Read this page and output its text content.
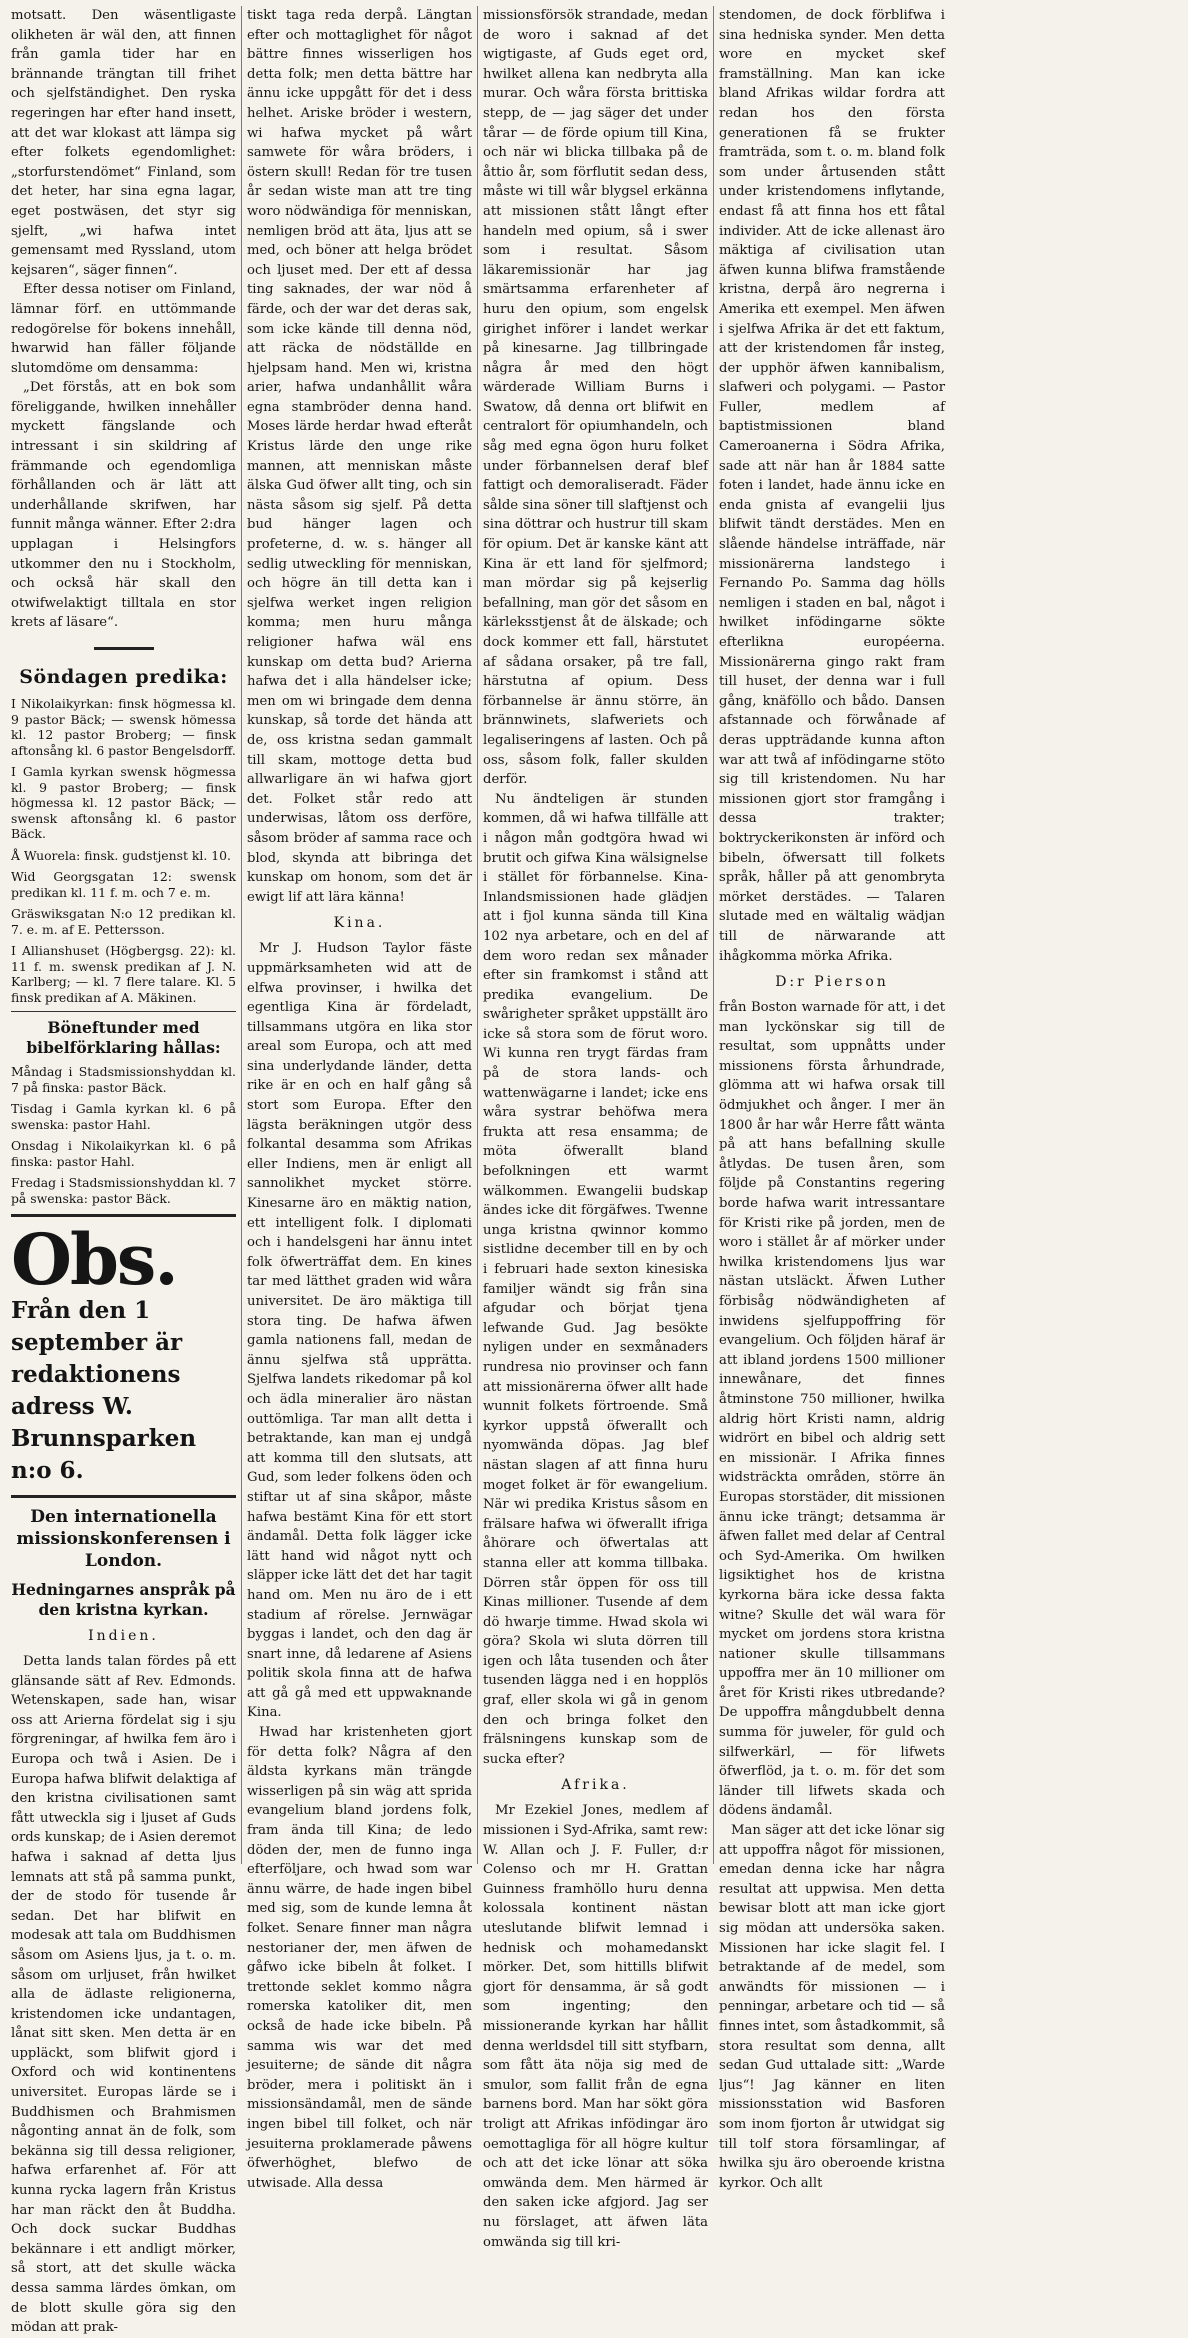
motsatt. Den wäsentligaste olikheten är wäl den, att finnen från gamla tider har en brännande trängtan till frihet och sjelfständighet. Den ryska regeringen har efter hand insett, att det war klokast att lämpa sig efter folkets egendomlighet: „storfurstendömet“ Finland, som det heter, har sina egna lagar, eget postwäsen, det styr sig sjelft, „wi hafwa intet gemensamt med Ryssland, utom kejsaren“, säger finnen“.

Efter dessa notiser om Finland, lämnar förf. en uttömmande redogörelse för bokens innehåll, hwarwid han fäller följande slutomdöme om densamma:

„Det förstås, att en bok som föreliggande, hwilken innehåller myckett fängslande och intressant i sin skildring af främmande och egendomliga förhållanden och är lätt att underhållande skrifwen, har funnit många wänner. Efter 2:dra upplagan i Helsingfors utkommer den nu i Stockholm, och också här skall den otwifwelaktigt tilltala en stor krets af läsare“.

Söndagen predika:

I Nikolaikyrkan: finsk högmessa kl. 9 pastor Bäck; — swensk hömessa kl. 12 pastor Broberg; — finsk aftonsång kl. 6 pastor Bengelsdorff.

I Gamla kyrkan swensk högmessa kl. 9 pastor Broberg; — finsk högmessa kl. 12 pastor Bäck; — swensk aftonsång kl. 6 pastor Bäck.

Å Wuorela: finsk. gudstjenst kl. 10.

Wid Georgsgatan 12: swensk predikan kl. 11 f. m. och 7 e. m.

Gräswiksgatan N:o 12 predikan kl. 7. e. m. af E. Pettersson.

I Allianshuset (Högbergsg. 22): kl. 11 f. m. swensk predikan af J. N. Karlberg; — kl. 7 flere talare. Kl. 5 finsk predikan af A. Mäkinen.

Böneftunder med bibelförklaring hållas:

Måndag i Stadsmissionshyddan kl. 7 på finska: pastor Bäck.

Tisdag i Gamla kyrkan kl. 6 på swenska: pastor Hahl.

Onsdag i Nikolaikyrkan kl. 6 på finska: pastor Hahl.

Fredag i Stadsmissionshyddan kl. 7 på swenska: pastor Bäck.

Obs.
Från den 1 september är redaktionens adress W. Brunnsparken n:o 6.
Den internationella missionskonferensen i London.
Hedningarnes anspråk på den kristna kyrkan.
Indien.

Detta lands talan fördes på ett glänsande sätt af Rev. Edmonds. Wetenskapen, sade han, wisar oss att Arierna fördelat sig i sju förgreningar, af hwilka fem äro i Europa och twå i Asien. De i Europa hafwa blifwit delaktiga af den kristna civilisationen samt fått utweckla sig i ljuset af Guds ords kunskap; de i Asien deremot hafwa i saknad af detta ljus lemnats att stå på samma punkt, der de stodo för tusende år sedan. Det har blifwit en modesak att tala om Buddhismen såsom om Asiens ljus, ja t. o. m. såsom om urljuset, från hwilket alla de ädlaste religionerna, kristendomen icke undantagen, lånat sitt sken. Men detta är en uppläckt, som blifwit gjord i Oxford och wid kontinentens universitet. Europas lärde se i Buddhismen och Brahmismen någonting annat än de folk, som bekänna sig till dessa religioner, hafwa erfarenhet af. För att kunna rycka lagern från Kristus har man räckt den åt Buddha. Och dock suckar Buddhas bekännare i ett andligt mörker, så stort, att det skulle wäcka dessa samma lärdes ömkan, om de blott skulle göra sig den mödan att prak-

tiskt taga reda derpå. Längtan efter och mottaglighet för något bättre finnes wisserligen hos detta folk; men detta bättre har ännu icke uppgått för det i dess helhet. Ariske bröder i western, wi hafwa mycket på wårt samwete för wåra bröders, i östern skull! Redan för tre tusen år sedan wiste man att tre ting woro nödwändiga för menniskan, nemligen bröd att äta, ljus att se med, och böner att helga brödet och ljuset med. Der ett af dessa ting saknades, der war nöd å färde, och der war det deras sak, som icke kände till denna nöd, att räcka de nödställde en hjelpsam hand. Men wi, kristna arier, hafwa undanhållit wåra egna stambröder denna hand. Moses lärde herdar hwad efteråt Kristus lärde den unge rike mannen, att menniskan måste älska Gud öfwer allt ting, och sin nästa såsom sig sjelf. På detta bud hänger lagen och profeterne, d. w. s. hänger all sedlig utweckling för menniskan, och högre än till detta kan i sjelfwa werket ingen religion komma; men huru många religioner hafwa wäl ens kunskap om detta bud? Arierna hafwa det i alla händelser icke; men om wi bringade dem denna kunskap, så torde det hända att de, oss kristna sedan gammalt till skam, mottoge detta bud allwarligare än wi hafwa gjort det. Folket står redo att underwisas, låtom oss derföre, såsom bröder af samma race och blod, skynda att bibringa det kunskap om honom, som det är ewigt lif att lära känna!

Kina.

Mr J. Hudson Taylor fäste uppmärksamheten wid att de elfwa provinser, i hwilka det egentliga Kina är fördeladt, tillsammans utgöra en lika stor areal som Europa, och att med sina underlydande länder, detta rike är en och en half gång så stort som Europa. Efter den lägsta beräkningen utgör dess folkantal desamma som Afrikas eller Indiens, men är enligt all sannolikhet mycket större. Kinesarne äro en mäktig nation, ett intelligent folk. I diplomati och i handelsgeni har ännu intet folk öfwerträffat dem. En kines tar med lätthet graden wid wåra universitet. De äro mäktiga till stora ting. De hafwa äfwen gamla nationens fall, medan de ännu sjelfwa stå upprätta. Sjelfwa landets rikedomar på kol och ädla mineralier äro nästan outtömliga. Tar man allt detta i betraktande, kan man ej undgå att komma till den slutsats, att Gud, som leder folkens öden och stiftar ut af sina skåpor, måste hafwa bestämt Kina för ett stort ändamål. Detta folk lägger icke lätt hand wid något nytt och släpper icke lätt det det har tagit hand om. Men nu äro de i ett stadium af rörelse. Jernwägar byggas i landet, och den dag är snart inne, då ledarene af Asiens politik skola finna att de hafwa att gå gå med ett uppwaknande Kina.

Hwad har kristenheten gjort för detta folk? Några af den äldsta kyrkans män trängde wisserligen på sin wäg att sprida evangelium bland jordens folk, fram ända till Kina; de ledo döden der, men de funno inga efterföljare, och hwad som war ännu wärre, de hade ingen bibel med sig, som de kunde lemna åt folket. Senare finner man några nestorianer der, men äfwen de gåfwo icke bibeln åt folket. I trettonde seklet kommo några romerska katoliker dit, men också de hade icke bibeln. På samma wis war det med jesuiterne; de sände dit några bröder, mera i politiskt än i missionsändamål, men de sände ingen bibel till folket, och när jesuiterna proklamerade påwens öfwerhöghet, blefwo de utwisade. Alla dessa

missionsförsök strandade, medan de woro i saknad af det wigtigaste, af Guds eget ord, hwilket allena kan nedbryta alla murar. Och wåra första brittiska stepp, de — jag säger det under tårar — de förde opium till Kina, och när wi blicka tillbaka på de åttio år, som förflutit sedan dess, måste wi till wår blygsel erkänna att missionen stått långt efter handeln med opium, så i swer som i resultat. Såsom läkaremissionär har jag smärtsamma erfarenheter af huru den opium, som engelsk girighet införer i landet werkar på kinesarne. Jag tillbringade några år med den högt wärderade William Burns i Swatow, då denna ort blifwit en centralort för opiumhandeln, och såg med egna ögon huru folket under förbannelsen deraf blef fattigt och demoraliseradt. Fäder sålde sina söner till slaftjenst och sina döttrar och hustrur till skam för opium. Det är kanske känt att Kina är ett land för sjelfmord; man mördar sig på kejserlig befallning, man gör det såsom en kärleksstjenst åt de älskade; och dock kommer ett fall, härstutet af sådana orsaker, på tre fall, härstutna af opium. Dess förbannelse är ännu större, än brännwinets, slafweriets och legaliseringens af lasten. Och på oss, såsom folk, faller skulden derför.

Nu ändteligen är stunden kommen, då wi hafwa tillfälle att i någon mån godtgöra hwad wi brutit och gifwa Kina wälsignelse i stället för förbannelse. Kina-Inlandsmissionen hade glädjen att i fjol kunna sända till Kina 102 nya arbetare, och en del af dem woro redan sex månader efter sin framkomst i stånd att predika evangelium. De swårigheter språket uppställt äro icke så stora som de förut woro. Wi kunna ren trygt färdas fram på de stora lands- och wattenwägarne i landet; icke ens wåra systrar behöfwa mera frukta att resa ensamma; de möta öfwerallt bland befolkningen ett warmt wälkommen. Ewangelii budskap ändes icke dit förgäfwes. Twenne unga kristna qwinnor kommo sistlidne december till en by och i februari hade sexton kinesiska familjer wändt sig från sina afgudar och börjat tjena lefwande Gud. Jag besökte nyligen under en sexmånaders rundresa nio provinser och fann att missionärerna öfwer allt hade wunnit folkets förtroende. Små kyrkor uppstå öfwerallt och nyomwända döpas. Jag blef nästan slagen af att finna huru moget folket är för ewangelium. När wi predika Kristus såsom en frälsare hafwa wi öfwerallt ifriga åhörare och öfwertalas att stanna eller att komma tillbaka. Dörren står öppen för oss till Kinas millioner. Tusende af dem dö hwarje timme. Hwad skola wi göra? Skola wi sluta dörren till igen och låta tusenden och åter tusenden lägga ned i en hopplös graf, eller skola wi gå in genom den och bringa folket den frälsningens kunskap som de sucka efter?

Afrika.

Mr Ezekiel Jones, medlem af missionen i Syd-Afrika, samt rew: W. Allan och J. F. Fuller, d:r Colenso och mr H. Grattan Guinness framhöllo huru denna kolossala kontinent nästan uteslutande blifwit lemnad i hednisk och mohamedanskt mörker. Det, som hittills blifwit gjort för densamma, är så godt som ingenting; den missionerande kyrkan har hållit denna werldsdel till sitt styfbarn, som fått äta nöja sig med de smulor, som fallit från de egna barnens bord. Man har sökt göra troligt att Afrikas infödingar äro oemottagliga för all högre kultur och att det icke lönar att söka omwända dem. Men härmed är den saken icke afgjord. Jag ser nu förslaget, att äfwen läta omwända sig till kri-

stendomen, de dock förblifwa i sina hedniska synder. Men detta wore en mycket skef framställning. Man kan icke bland Afrikas wildar fordra att redan hos den första generationen få se frukter framträda, som t. o. m. bland folk som under årtusenden stått under kristendomens inflytande, endast få att finna hos ett fåtal individer. Att de icke allenast äro mäktiga af civilisation utan äfwen kunna blifwa framstående kristna, derpå äro negrerna i Amerika ett exempel. Men äfwen i sjelfwa Afrika är det ett faktum, att der kristendomen får insteg, der upphör äfwen kannibalism, slafweri och polygami. — Pastor Fuller, medlem af baptistmissionen bland Cameroanerna i Södra Afrika, sade att när han år 1884 satte foten i landet, hade ännu icke en enda gnista af evangelii ljus blifwit tändt derstädes. Men en slående händelse inträffade, när missionärerna landstego i Fernando Po. Samma dag hölls nemligen i staden en bal, något i hwilket infödingarne sökte efterlikna européerna. Missionärerna gingo rakt fram till huset, der denna war i full gång, knäföllo och bådo. Dansen afstannade och förwånade af deras uppträdande kunna afton war att twå af infödingarne stöto sig till kristendomen. Nu har missionen gjort stor framgång i dessa trakter; boktryckerikonsten är införd och bibeln, öfwersatt till folkets språk, håller på att genombryta mörket derstädes. — Talaren slutade med en wältalig wädjan till de närwarande att ihågkomma mörka Afrika.

D:r Pierson

från Boston warnade för att, i det man lyckönskar sig till de resultat, som uppnåtts under missionens första århundrade, glömma att wi hafwa orsak till ödmjukhet och ånger. I mer än 1800 år har wår Herre fått wänta på att hans befallning skulle åtlydas. De tusen åren, som följde på Constantins regering borde hafwa warit intressantare för Kristi rike på jorden, men de woro i stället år af mörker under hwilka kristendomens ljus war nästan utsläckt. Äfwen Luther förbisåg nödwändigheten af inwidens sjelfuppoffring för evangelium. Och följden häraf är att ibland jordens 1500 millioner innewånare, det finnes åtminstone 750 millioner, hwilka aldrig hört Kristi namn, aldrig widrört en bibel och aldrig sett en missionär. I Afrika finnes widsträckta områden, större än Europas storstäder, dit missionen ännu icke trängt; detsamma är äfwen fallet med delar af Central och Syd-Amerika. Om hwilken ligsiktighet hos de kristna kyrkorna bära icke dessa fakta witne? Skulle det wäl wara för mycket om jordens stora kristna nationer skulle tillsammans uppoffra mer än 10 millioner om året för Kristi rikes utbredande? De uppoffra mångdubbelt denna summa för juweler, för guld och silfwerkärl, — för lifwets öfwerflöd, ja t. o. m. för det som länder till lifwets skada och dödens ändamål.

Man säger att det icke lönar sig att uppoffra något för missionen, emedan denna icke har några resultat att uppwisa. Men detta bewisar blott att man icke gjort sig mödan att undersöka saken. Missionen har icke slagit fel. I betraktande af de medel, som anwändts för missionen — i penningar, arbetare och tid — så finnes intet, som åstadkommit, så stora resultat som denna, allt sedan Gud uttalade sitt: „Warde ljus“! Jag känner en liten missionsstation wid Basforen som inom fjorton år utwidgat sig till tolf stora församlingar, af hwilka sju äro oberoende kristna kyrkor. Och allt
